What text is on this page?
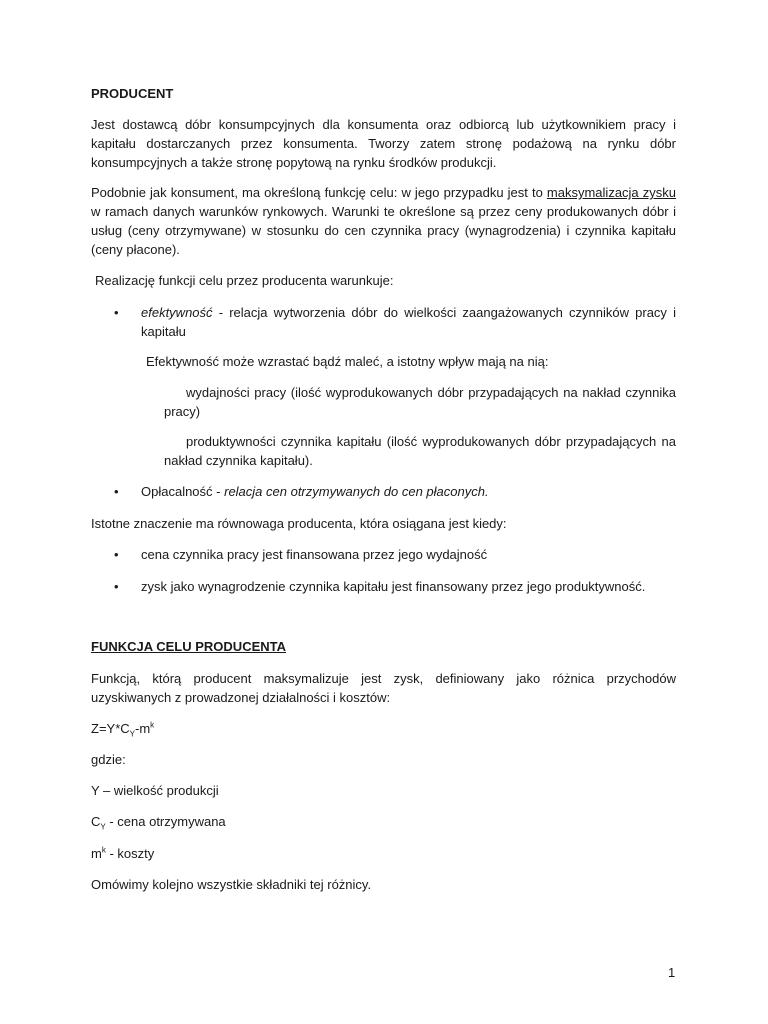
PRODUCENT

Jest dostawcą dóbr konsumpcyjnych dla konsumenta oraz odbiorcą lub użytkownikiem pracy i kapitału dostarczanych przez konsumenta. Tworzy zatem stronę podażową na rynku dóbr konsumpcyjnych a także stronę popytową na rynku środków produkcji.

Podobnie jak konsument, ma określoną funkcję celu: w jego przypadku jest to maksymalizacja zysku w ramach danych warunków rynkowych. Warunki te określone są przez ceny produkowanych dóbr i usług (ceny otrzymywane) w stosunku do cen czynnika pracy (wynagrodzenia) i czynnika kapitału (ceny płacone).

Realizację funkcji celu przez producenta warunkuje:

• efektywność - relacja wytworzenia dóbr do wielkości zaangażowanych czynników pracy i kapitału

Efektywność może wzrastać bądź maleć, a istotny wpływ mają na nią:

wydajności pracy (ilość wyprodukowanych dóbr przypadających na nakład czynnika pracy)

produktywności czynnika kapitału (ilość wyprodukowanych dóbr przypadających na nakład czynnika kapitału).

• Opłacalność - relacja cen otrzymywanych do cen płaconych.

Istotne znaczenie ma równowaga producenta, która osiągana jest kiedy:

• cena czynnika pracy jest finansowana przez jego wydajność
• zysk jako wynagrodzenie czynnika kapitału jest finansowany przez jego produktywność.

FUNKCJA CELU PRODUCENTA

Funkcją, którą producent maksymalizuje jest zysk, definiowany jako różnica przychodów uzyskiwanych z prowadzonej działalności i kosztów:

$Z=Y*C_Y-m^k$

gdzie:

Y – wielkość produkcji

$C_Y$ - cena otrzymywana

$m^k$ - koszty

Omówimy kolejno wszystkie składniki tej różnicy.

1
